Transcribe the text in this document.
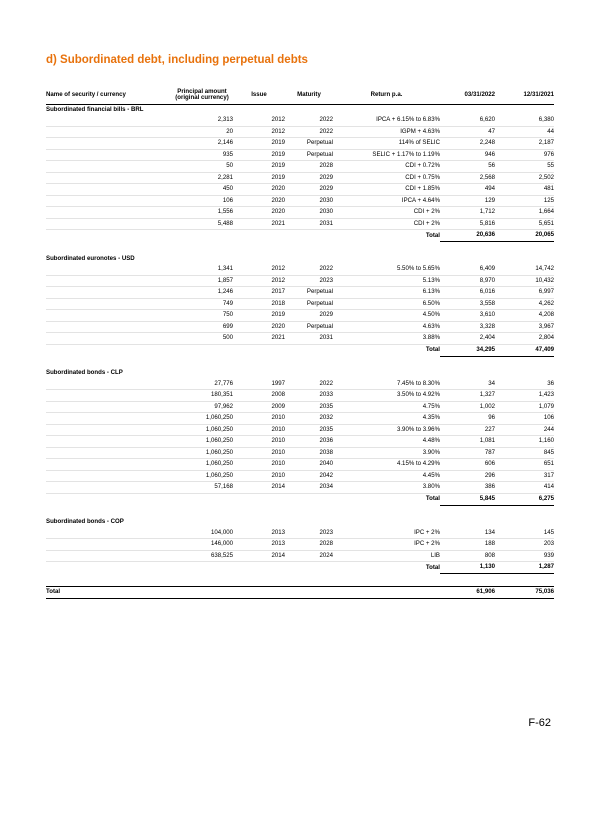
d) Subordinated debt, including perpetual debts
Name of security / currency	Principal amount
(original currency)	Issue	Maturity	Return p.a.	03/31/2022	12/31/2021
Subordinated financial bills - BRL						
	2,313	2012	2022	IPCA + 6.15% to 6.83%	6,620	6,380
	20	2012	2022	IGPM + 4.63%	47	44
	2,146	2019	Perpetual	114% of SELIC	2,248	2,187
	935	2019	Perpetual	SELIC + 1.17% to 1.19%	946	976
	50	2019	2028	CDI + 0.72%	56	55
	2,281	2019	2029	CDI + 0.75%	2,568	2,502
	450	2020	2029	CDI + 1.85%	494	481
	106	2020	2030	IPCA + 4.64%	129	125
	1,556	2020	2030	CDI + 2%	1,712	1,664
	5,488	2021	2031	CDI + 2%	5,816	5,651
				Total	20,636	20,065

Subordinated euronotes - USD						
	1,341	2012	2022	5.50% to 5.65%	6,409	14,742
	1,857	2012	2023	5.13%	8,970	10,432
	1,246	2017	Perpetual	6.13%	6,016	6,997
	749	2018	Perpetual	6.50%	3,558	4,262
	750	2019	2029	4.50%	3,610	4,208
	699	2020	Perpetual	4.63%	3,328	3,967
	500	2021	2031	3.88%	2,404	2,804
				Total	34,295	47,409

Subordinated bonds - CLP						
	27,776	1997	2022	7.45% to 8.30%	34	36
	180,351	2008	2033	3.50% to 4.92%	1,327	1,423
	97,962	2009	2035	4.75%	1,002	1,079
	1,060,250	2010	2032	4.35%	96	106
	1,060,250	2010	2035	3.90% to 3.96%	227	244
	1,060,250	2010	2036	4.48%	1,081	1,160
	1,060,250	2010	2038	3.90%	787	845
	1,060,250	2010	2040	4.15% to 4.29%	606	651
	1,060,250	2010	2042	4.45%	296	317
	57,168	2014	2034	3.80%	386	414
				Total	5,845	6,275

Subordinated bonds - COP						
	104,000	2013	2023	IPC + 2%	134	145
	146,000	2013	2028	IPC + 2%	188	203
	638,525	2014	2024	LIB	808	939
				Total	1,130	1,287

Total					61,906	75,036
F-62
